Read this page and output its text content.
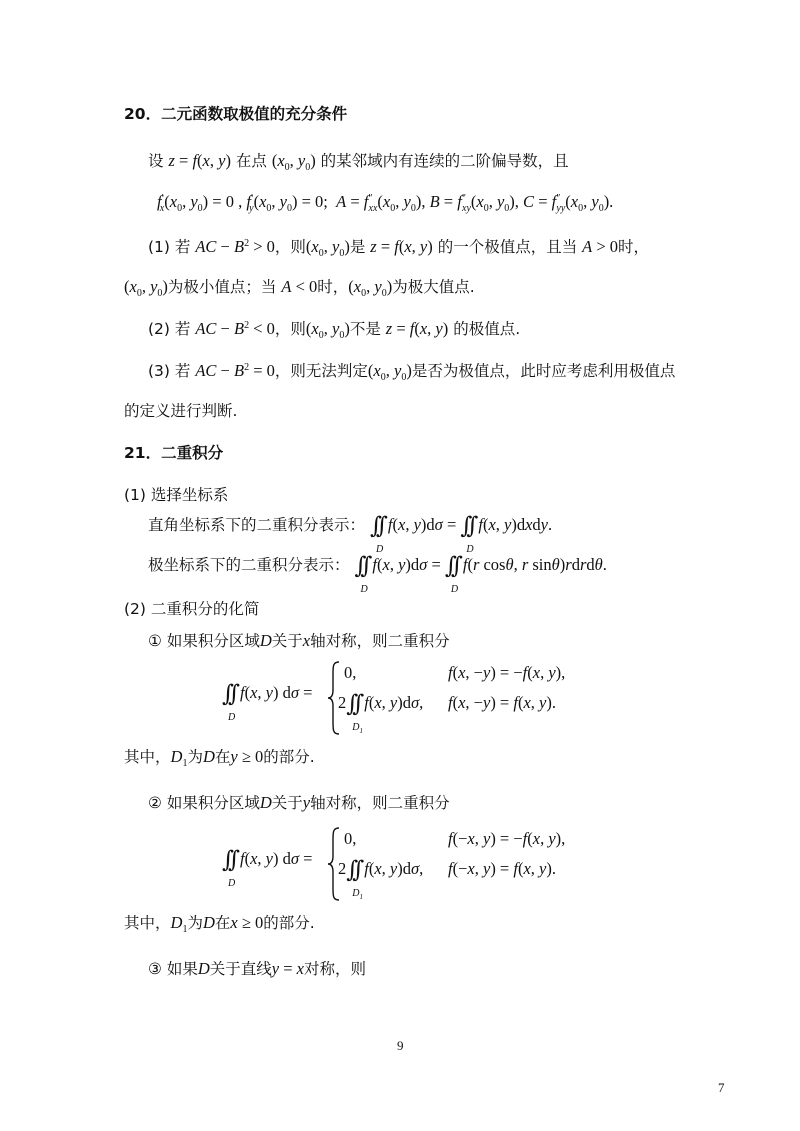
20．二元函数取极值的充分条件
设 z = f(x, y) 在点 ($x_0$, $y_0$) 的某邻域内有连续的二阶偏导数，且
$f'_x(x_0$, $y_0) = 0$ , $f'_y(x_0$, $y_0) = 0$;  $A = f''_{xx}(x_0$, $y_0$), $B = f''_{xy}(x_0$, $y_0$), $C = f''_{yy}(x_0$, $y_0$).
(1) 若 AC − $B^2 > 0$，则($x_0$, $y_0$)是 z = f(x, y) 的一个极值点，且当 A > 0时，
($x_0$, $y_0$)为极小值点；当 A < 0时，($x_0$, $y_0$)为极大值点.
(2) 若 AC − $B^2 < 0$，则($x_0$, $y_0$)不是 z = f(x, y) 的极值点.
(3) 若 AC − $B^2 = 0$，则无法判定($x_0$, $y_0$)是否为极值点，此时应考虑利用极值点
的定义进行判断.
21．二重积分
(1) 选择坐标系
直角坐标系下的二重积分表示： ∫∫
D
f(x, y)dσ = ∫∫
D
f(x, y)dxdy.
极坐标系下的二重积分表示： ∫∫
D
f(x, y)dσ = ∫∫
D
f(r cosθ, r sinθ)rdrdθ.
(2) 二重积分的化简
① 如果积分区域D关于x轴对称，则二重积分
∫∫
D
f(x, y) dσ =
0,	f(x, −y) = −f(x, y),
2∫∫
$D_1$
f(x, y)dσ, f(x, −y) = f(x, y).
其中，$D_1$为D在y ≥ 0的部分.
② 如果积分区域D关于y轴对称，则二重积分
∫∫
D
f(x, y) dσ =
0,	f(−x, y) = −f(x, y),
2∫∫
$D_1$
f(x, y)dσ, f(−x, y) = f(x, y).
其中，$D_1$为D在x ≥ 0的部分.
③ 如果D关于直线y = x对称，则
9
7
